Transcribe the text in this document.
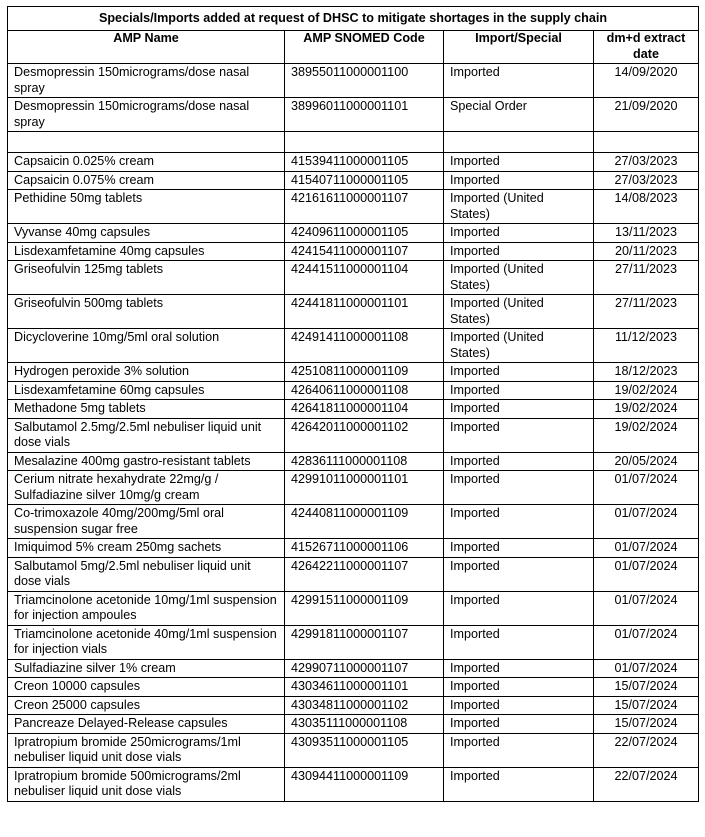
Specials/Imports added at request of DHSC to mitigate shortages in the supply chain
AMP Name	AMP SNOMED Code	Import/Special	dm+d extract date
Desmopressin 150micrograms/dose nasal spray	38955011000001100	Imported	14/09/2020
Desmopressin 150micrograms/dose nasal spray	38996011000001101	Special Order	21/09/2020

Capsaicin 0.025% cream	41539411000001105	Imported	27/03/2023
Capsaicin 0.075% cream	41540711000001105	Imported	27/03/2023
Pethidine 50mg tablets	42161611000001107	Imported (United States)	14/08/2023
Vyvanse 40mg capsules	42409611000001105	Imported	13/11/2023
Lisdexamfetamine 40mg capsules	42415411000001107	Imported	20/11/2023
Griseofulvin 125mg tablets	42441511000001104	Imported (United States)	27/11/2023
Griseofulvin 500mg tablets	42441811000001101	Imported (United States)	27/11/2023
Dicycloverine 10mg/5ml oral solution	42491411000001108	Imported (United States)	11/12/2023
Hydrogen peroxide 3% solution	42510811000001109	Imported	18/12/2023
Lisdexamfetamine 60mg capsules	42640611000001108	Imported	19/02/2024
Methadone 5mg tablets	42641811000001104	Imported	19/02/2024
Salbutamol 2.5mg/2.5ml nebuliser liquid unit dose vials	42642011000001102	Imported	19/02/2024
Mesalazine 400mg gastro-resistant tablets	42836111000001108	Imported	20/05/2024
Cerium nitrate hexahydrate 22mg/g / Sulfadiazine silver 10mg/g cream	42991011000001101	Imported	01/07/2024
Co-trimoxazole 40mg/200mg/5ml oral suspension sugar free	42440811000001109	Imported	01/07/2024
Imiquimod 5% cream 250mg sachets	41526711000001106	Imported	01/07/2024
Salbutamol 5mg/2.5ml nebuliser liquid unit dose vials	42642211000001107	Imported	01/07/2024
Triamcinolone acetonide 10mg/1ml suspension for injection ampoules	42991511000001109	Imported	01/07/2024
Triamcinolone acetonide 40mg/1ml suspension for injection vials	42991811000001107	Imported	01/07/2024
Sulfadiazine silver 1% cream	42990711000001107	Imported	01/07/2024
Creon 10000 capsules	43034611000001101	Imported	15/07/2024
Creon 25000 capsules	43034811000001102	Imported	15/07/2024
Pancreaze Delayed-Release capsules	43035111000001108	Imported	15/07/2024
Ipratropium bromide 250micrograms/1ml nebuliser liquid unit dose vials	43093511000001105	Imported	22/07/2024
Ipratropium bromide 500micrograms/2ml nebuliser liquid unit dose vials	43094411000001109	Imported	22/07/2024
